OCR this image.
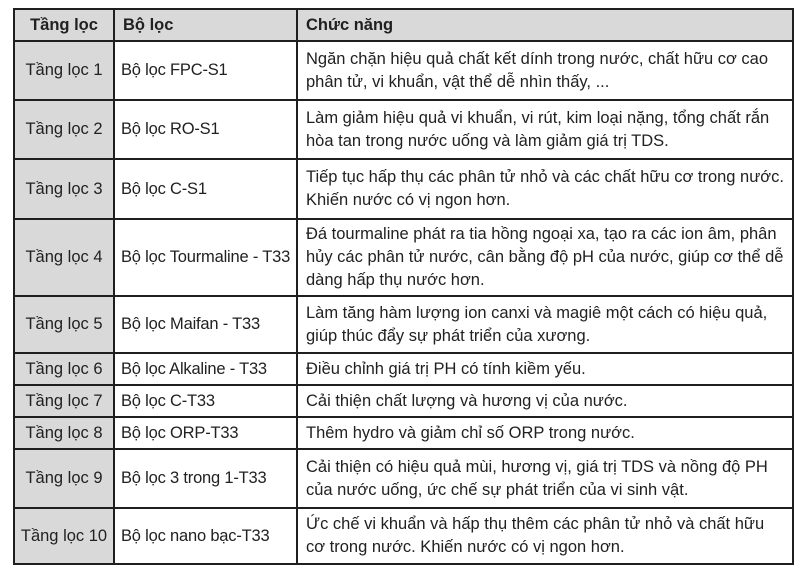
Tầng lọc	Bộ lọc	Chức năng
Tầng lọc 1	Bộ lọc FPC-S1	Ngăn chặn hiệu quả chất kết dính trong nước, chất hữu cơ cao phân tử, vi khuẩn, vật thể dễ nhìn thấy, ...
Tầng lọc 2	Bộ lọc RO-S1	Làm giảm hiệu quả vi khuẩn, vi rút, kim loại nặng, tổng chất rắn hòa tan trong nước uống và làm giảm giá trị TDS.
Tầng lọc 3	Bộ lọc C-S1	Tiếp tục hấp thụ các phân tử nhỏ và các chất hữu cơ trong nước. Khiến nước có vị ngon hơn.
Tầng lọc 4	Bộ lọc Tourmaline - T33	Đá tourmaline phát ra tia hồng ngoại xa, tạo ra các ion âm, phân hủy các phân tử nước, cân bằng độ pH của nước, giúp cơ thể dễ dàng hấp thụ nước hơn.
Tầng lọc 5	Bộ lọc Maifan - T33	Làm tăng hàm lượng ion canxi và magiê một cách có hiệu quả, giúp thúc đẩy sự phát triển của xương.
Tầng lọc 6	Bộ lọc Alkaline - T33	Điều chỉnh giá trị PH có tính kiềm yếu.
Tầng lọc 7	Bộ lọc C-T33	Cải thiện chất lượng và hương vị của nước.
Tầng lọc 8	Bộ lọc ORP-T33	Thêm hydro và giảm chỉ số ORP trong nước.
Tầng lọc 9	Bộ lọc 3 trong 1-T33	Cải thiện có hiệu quả mùi, hương vị, giá trị TDS và nồng độ PH của nước uống, ức chế sự phát triển của vi sinh vật.
Tầng lọc 10	Bộ lọc nano bạc-T33	Ức chế vi khuẩn và hấp thụ thêm các phân tử nhỏ và chất hữu cơ trong nước. Khiến nước có vị ngon hơn.
